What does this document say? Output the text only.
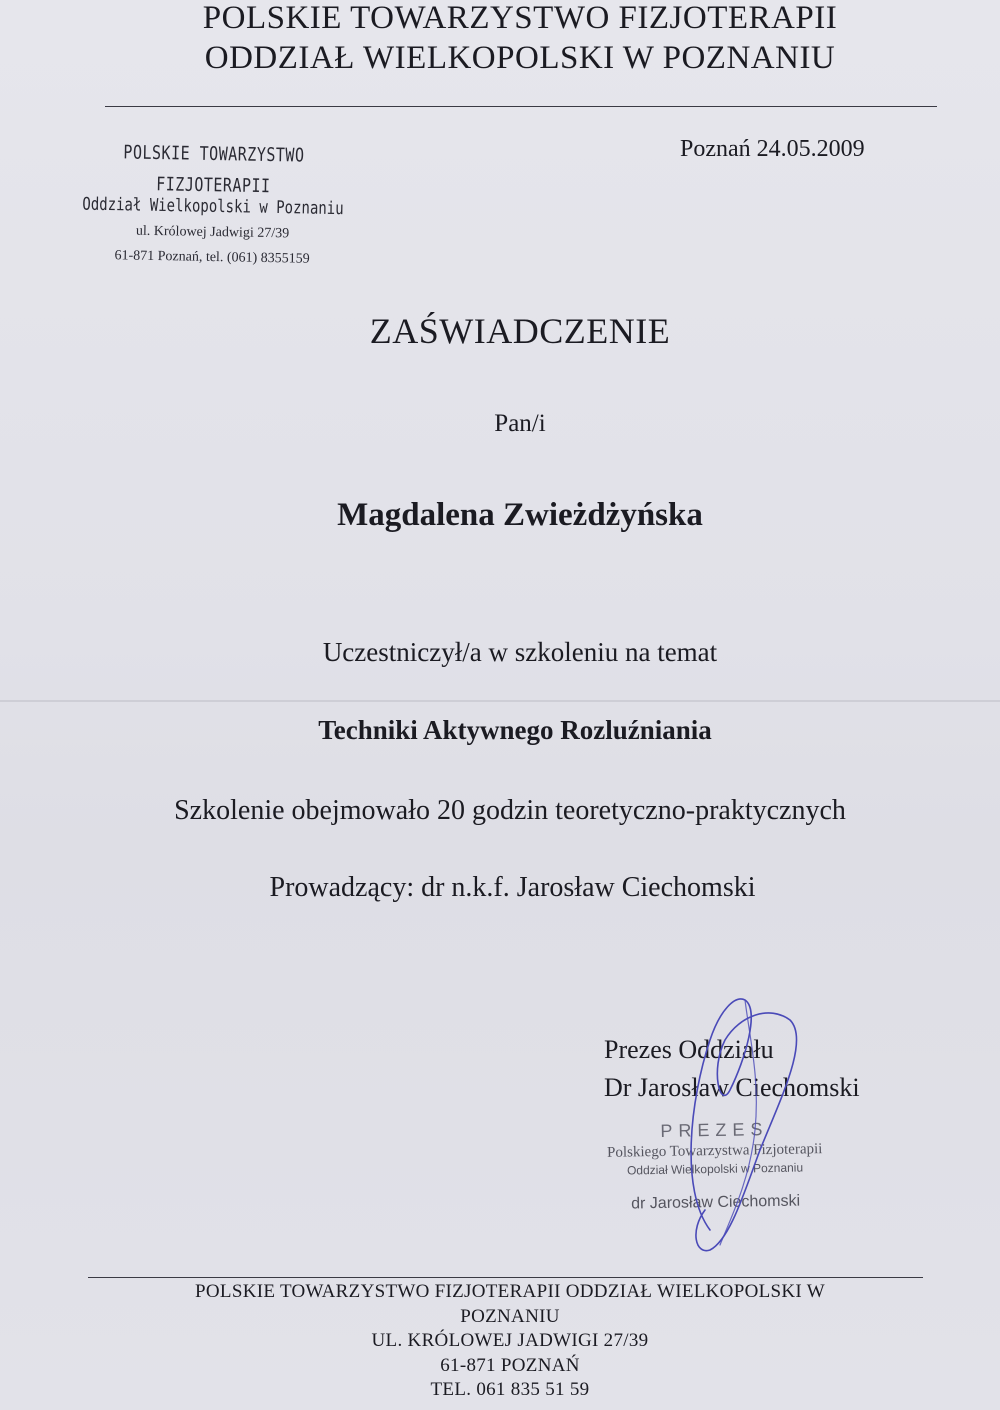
POLSKIE TOWARZYSTWO FIZJOTERAPII
ODDZIAŁ WIELKOPOLSKI W POZNANIU
POLSKIE TOWARZYSTWO FIZJOTERAPII
Oddział Wielkopolski w Poznaniu
ul. Królowej Jadwigi 27/39
61-871 Poznań, tel. (061) 8355159
Poznań 24.05.2009
ZAŚWIADCZENIE
Pan/i
Magdalena Zwieżdżyńska
Uczestniczył/a w szkoleniu na temat
Techniki Aktywnego Rozluźniania
Szkolenie obejmowało 20 godzin teoretyczno-praktycznych
Prowadzący: dr n.k.f. Jarosław Ciechomski
Prezes Oddziału
Dr Jarosław Ciechomski
PREZES
Polskiego Towarzystwa Fizjoterapii
Oddział Wielkopolski w Poznaniu
dr Jarosław Ciechomski
POLSKIE TOWARZYSTWO FIZJOTERAPII ODDZIAŁ WIELKOPOLSKI W
POZNANIU
UL. KRÓLOWEJ JADWIGI 27/39
61-871 POZNAŃ
TEL. 061 835 51 59
